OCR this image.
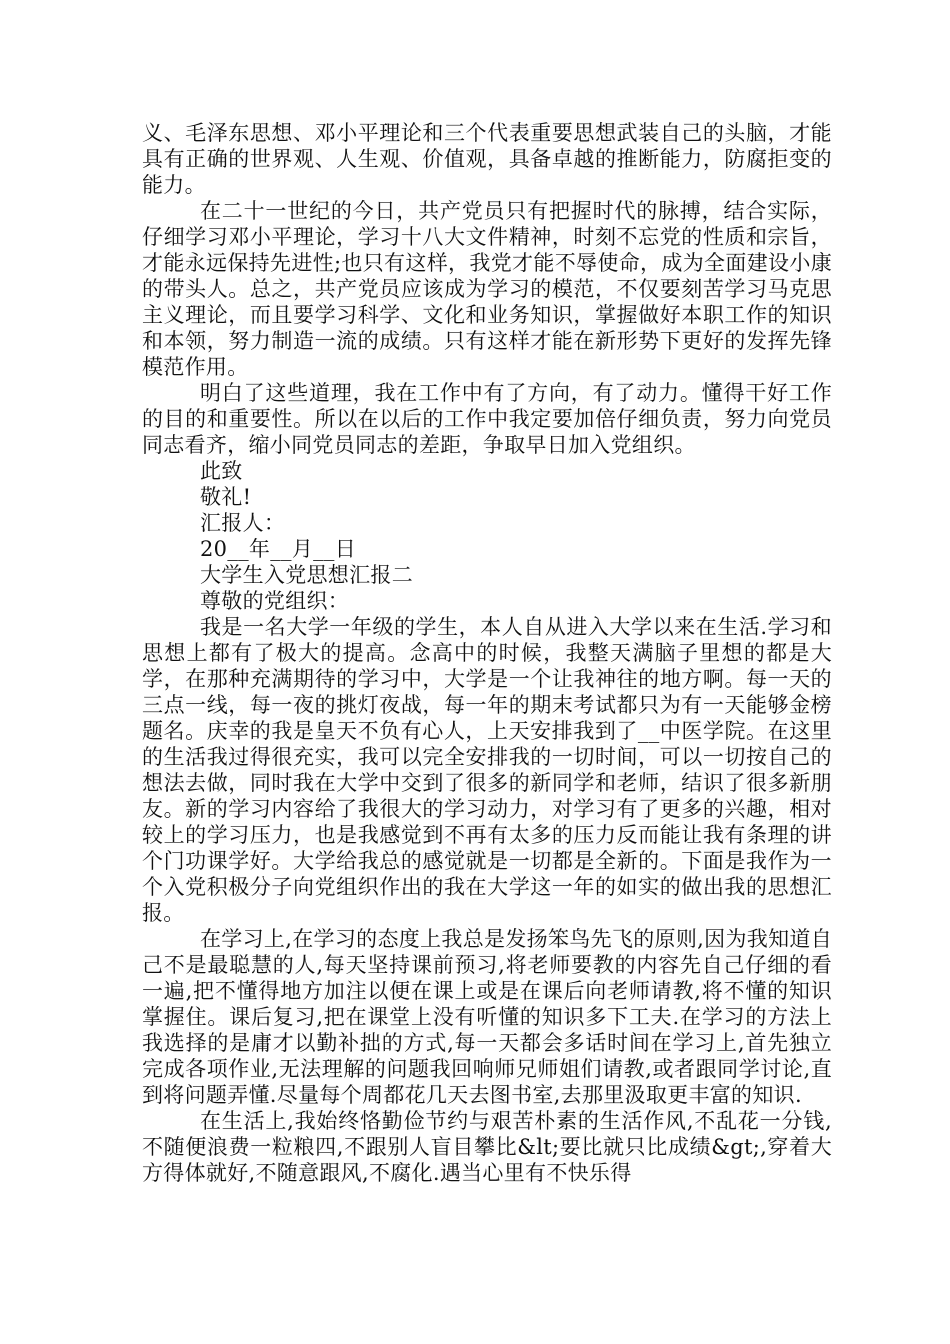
义、毛泽东思想、邓小平理论和三个代表重要思想武装自己的头脑，才能具有正确的世界观、人生观、价值观，具备卓越的推断能力，防腐拒变的能力。

在二十一世纪的今日，共产党员只有把握时代的脉搏，结合实际，仔细学习邓小平理论，学习十八大文件精神，时刻不忘党的性质和宗旨，才能永远保持先进性;也只有这样，我党才能不辱使命，成为全面建设小康的带头人。总之，共产党员应该成为学习的模范，不仅要刻苦学习马克思主义理论，而且要学习科学、文化和业务知识，掌握做好本职工作的知识和本领，努力制造一流的成绩。只有这样才能在新形势下更好的发挥先锋模范作用。

明白了这些道理，我在工作中有了方向，有了动力。懂得干好工作的目的和重要性。所以在以后的工作中我定要加倍仔细负责，努力向党员同志看齐，缩小同党员同志的差距，争取早日加入党组织。

此致

敬礼!

汇报人：

20__年__月__日

大学生入党思想汇报二

尊敬的党组织：

我是一名大学一年级的学生，本人自从进入大学以来在生活.学习和思想上都有了极大的提高。念高中的时候，我整天满脑子里想的都是大学，在那种充满期待的学习中，大学是一个让我神往的地方啊。每一天的三点一线，每一夜的挑灯夜战，每一年的期末考试都只为有一天能够金榜题名。庆幸的我是皇天不负有心人，上天安排我到了__中医学院。在这里的生活我过得很充实，我可以完全安排我的一切时间，可以一切按自己的想法去做，同时我在大学中交到了很多的新同学和老师，结识了很多新朋友。新的学习内容给了我很大的学习动力，对学习有了更多的兴趣，相对较上的学习压力，也是我感觉到不再有太多的压力反而能让我有条理的讲个门功课学好。大学给我总的感觉就是一切都是全新的。下面是我作为一个入党积极分子向党组织作出的我在大学这一年的如实的做出我的思想汇报。

在学习上,在学习的态度上我总是发扬笨鸟先飞的原则,因为我知道自己不是最聪慧的人,每天坚持课前预习,将老师要教的内容先自己仔细的看一遍,把不懂得地方加注以便在课上或是在课后向老师请教,将不懂的知识掌握住。课后复习,把在课堂上没有听懂的知识多下工夫.在学习的方法上我选择的是庸才以勤补拙的方式,每一天都会多话时间在学习上,首先独立完成各项作业,无法理解的问题我回响师兄师姐们请教,或者跟同学讨论,直到将问题弄懂.尽量每个周都花几天去图书室,去那里汲取更丰富的知识.

在生活上,我始终恪勤俭节约与艰苦朴素的生活作风,不乱花一分钱,不随便浪费一粒粮四,不跟别人盲目攀比&lt;要比就只比成绩&gt;,穿着大方得体就好,不随意跟风,不腐化.遇当心里有不快乐得
